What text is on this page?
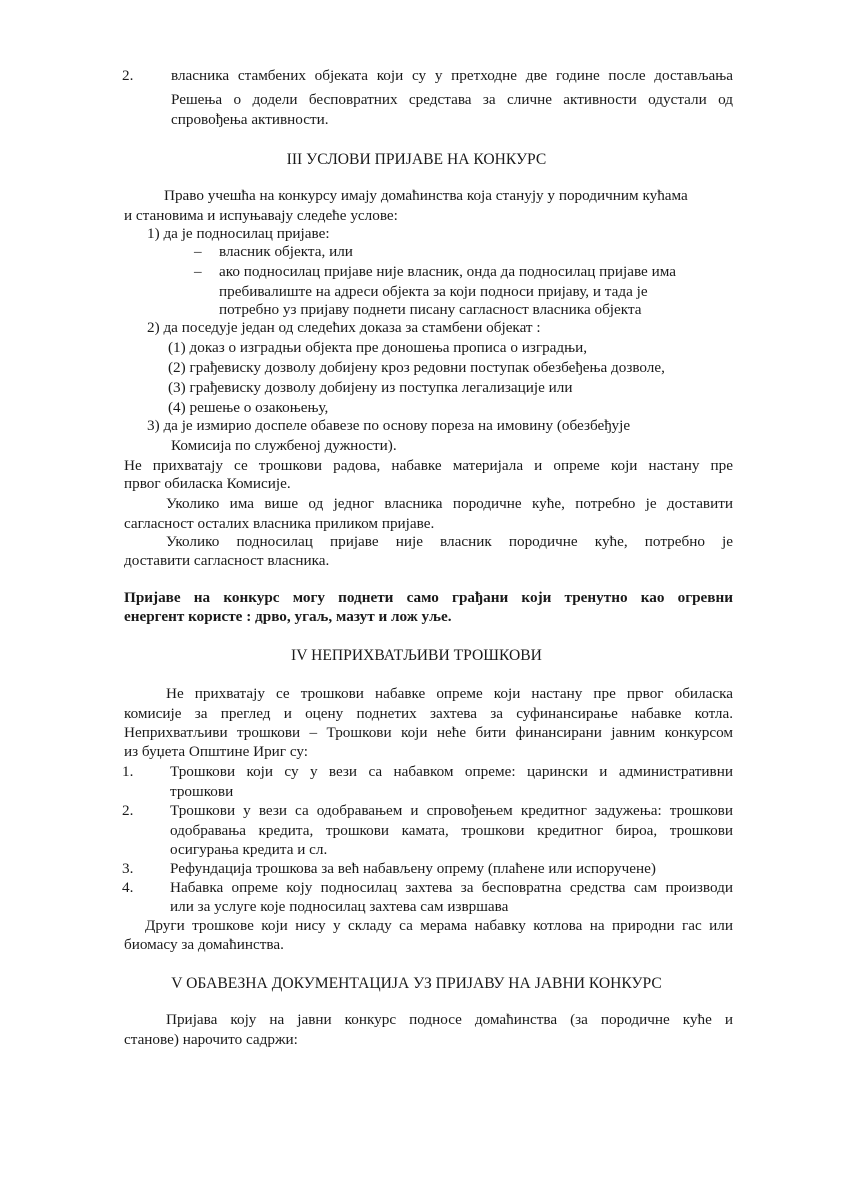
2. власника стамбених објеката који су у претходне две године после достављања
Решења о додели бесповратних средстава за сличне активности одустали од
спровођења активности.
III УСЛОВИ ПРИЈАВЕ НА КОНКУРС
Право учешћа на конкурсу имају домаћинства која станују у породичним кућама
и становима и испуњавају следеће услове:
1) да је подносилац пријаве:
– власник објекта, или
– ако подносилац пријаве није власник, онда да подносилац пријаве има
пребивалиште на адреси објекта за који подноси пријаву, и тада је
потребно уз пријаву поднети писану сагласност власника објекта
2) да поседује један од следећих доказа за стамбени објекат :
(1) доказ о изградњи објекта пре доношења прописа о изградњи,
(2) грађевиску дозволу добијену кроз редовни поступак обезбеђења дозволе,
(3) грађевиску дозволу добијену из поступка легализације или
(4) решење о озакоњењу,
3) да је измирио доспеле обавезе по основу пореза на имовину (обезбеђује
Комисија по службеној дужности).
Не прихватају се трошкови радова, набавке материјала и опреме који настану пре
првог обиласка Комисије.
Уколико има више од једног власника породичне куће, потребно је доставити
сагласност осталих власника приликом пријаве.
Уколико подносилац пријаве није власник породичне куће, потребно је
доставити сагласност власника.
Пријаве на конкурс могу поднети само грађани који тренутно као огревни
енергент користе : дрво, угаљ, мазут и лож уље.
IV НЕПРИХВАТЉИВИ ТРОШКОВИ
Не прихватају се трошкови набавке опреме који настану пре првог обиласка
комисије за преглед и оцену поднетих захтева за суфинансирање набавке котла.
Неприхватљиви трошкови – Трошкови који неће бити финансирани јавним конкурсом
из буџета Општине Ириг су:
1. Трошкови који су у вези са набавком опреме: царински и административни
трошкови
2. Трошкови у вези са одобравањем и спровођењем кредитног задужења: трошкови
одобравања кредита, трошкови камата, трошкови кредитног бироа, трошкови
осигурања кредита и сл.
3. Рефундација трошкова за већ набављену опрему (плаћене или испоручене)
4. Набавка опреме коју подносилац захтева за бесповратна средства сам производи
или за услуге које подносилац захтева сам извршава
Други трошкове који нису у складу са мерама набавку котлова на природни гас или
биомасу за домаћинства.
V ОБАВЕЗНА ДОКУМЕНТАЦИЈА УЗ ПРИЈАВУ НА ЈАВНИ КОНКУРС
Пријава коју на јавни конкурс подносе домаћинства (за породичне куће и
станове) нарочито садржи:
